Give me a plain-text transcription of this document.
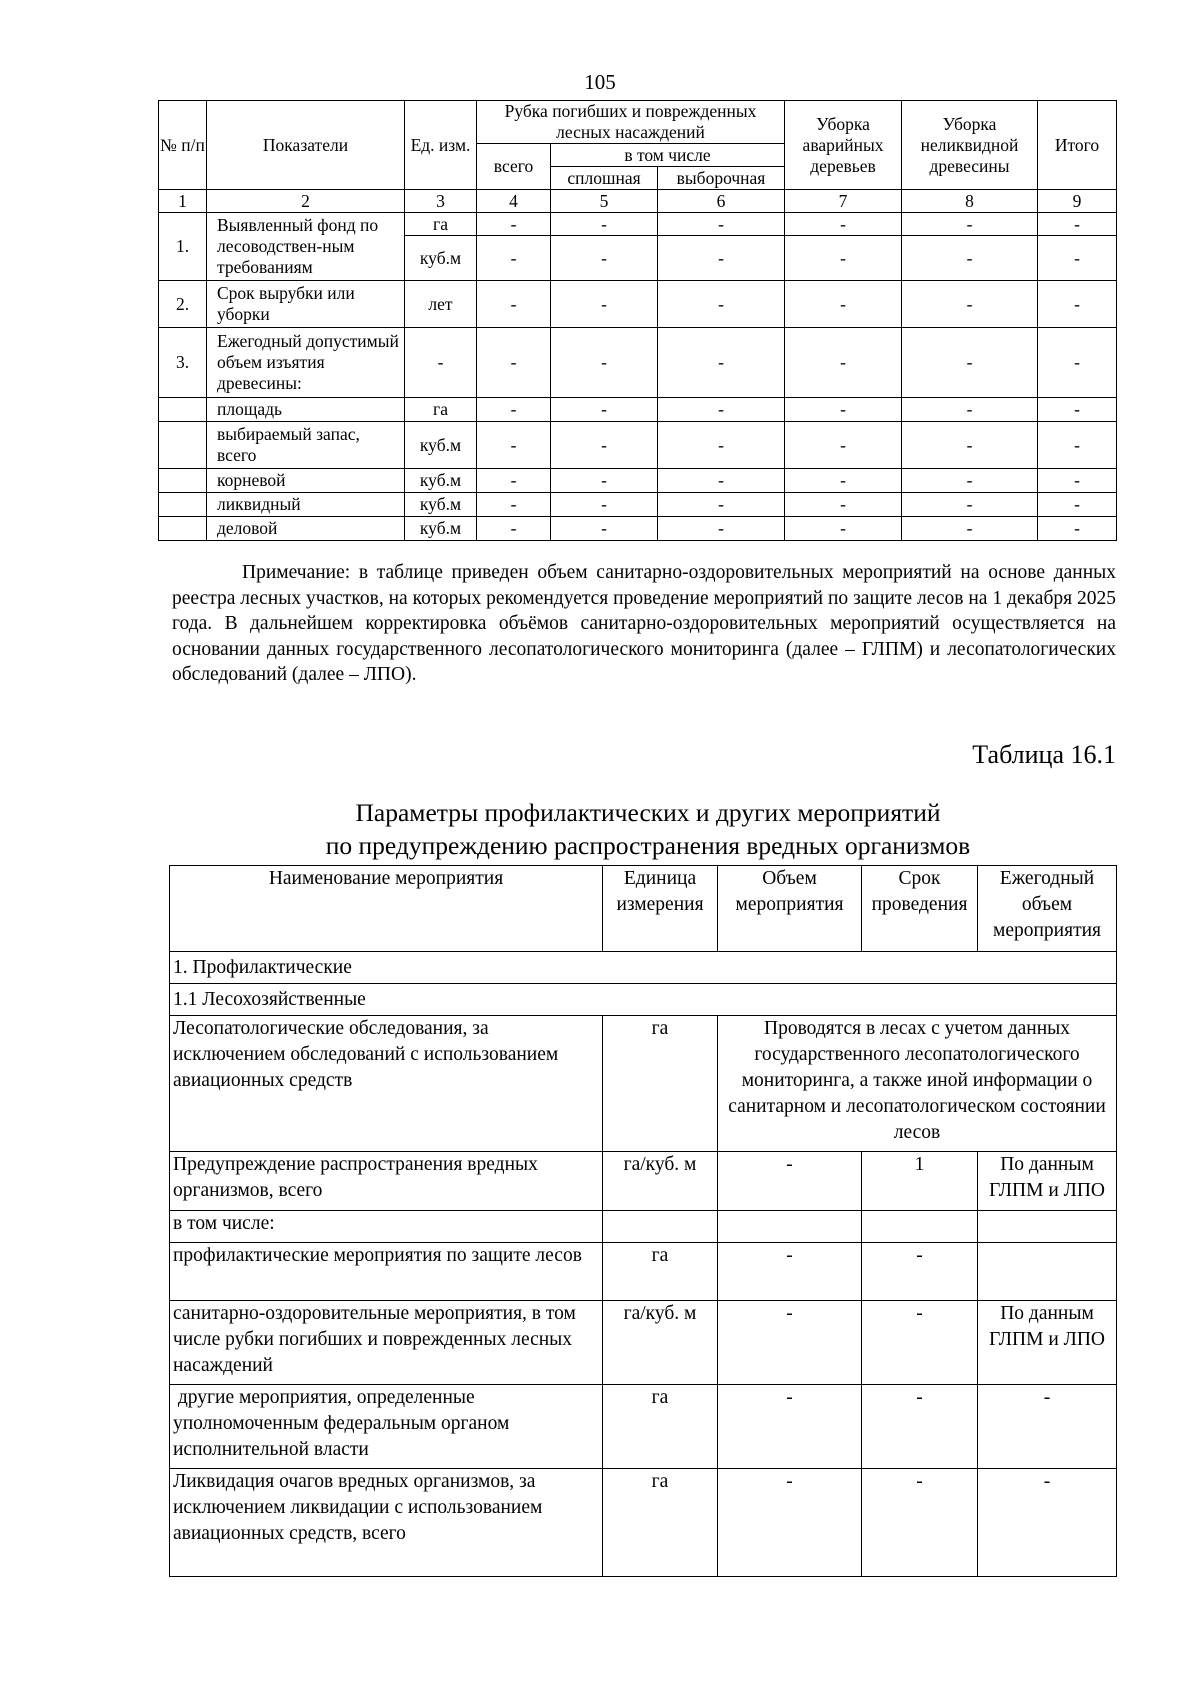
105
№ п/п	Показатели	Ед. изм.	Рубка погибших и поврежденных лесных насаждений			Уборка аварийных деревьев	Уборка неликвидной древесины	Итого
			всего	в том числе				
				сплошная	выборочная			
1	2	3	4	5	6	7	8	9
1.	Выявленный фонд по лесоводствен-ным требованиям	га	-	-	-	-	-	-
		куб.м	-	-	-	-	-	-
2.	Срок вырубки или уборки	лет	-	-	-	-	-	-
3.	Ежегодный допустимый объем изъятия древесины:	-	-	-	-	-	-	-
	площадь	га	-	-	-	-	-	-
	выбираемый запас, всего	куб.м	-	-	-	-	-	-
	корневой	куб.м	-	-	-	-	-	-
	ликвидный	куб.м	-	-	-	-	-	-
	деловой	куб.м	-	-	-	-	-	-

Примечание: в таблице приведен объем санитарно-оздоровительных мероприятий на основе данных реестра лесных участков, на которых рекомендуется проведение мероприятий по защите лесов на 1 декабря 2025 года. В дальнейшем корректировка объёмов санитарно-оздоровительных мероприятий осуществляется на основании данных государственного лесопатологического мониторинга (далее – ГЛПМ) и лесопатологических обследований (далее – ЛПО).

Таблица 16.1
Параметры профилактических и других мероприятий
по предупреждению распространения вредных организмов
Наименование мероприятия	Единица измерения	Объем мероприятия	Срок проведения	Ежегодный объем мероприятия
1. Профилактические				
1.1 Лесохозяйственные				
Лесопатологические обследования, за исключением обследований с использованием авиационных средств	га	Проводятся в лесах с учетом данных государственного лесопатологического мониторинга, а также иной информации о санитарном и лесопатологическом состоянии лесов		
Предупреждение распространения вредных организмов, всего	га/куб. м	-	1	По данным ГЛПМ и ЛПО
в том числе:				
профилактические мероприятия по защите лесов	га	-	-	
санитарно-оздоровительные мероприятия, в том числе рубки погибших и поврежденных лесных насаждений	га/куб. м	-	-	По данным ГЛПМ и ЛПО
другие мероприятия, определенные уполномоченным федеральным органом исполнительной власти	га	-	-	-
Ликвидация очагов вредных организмов, за исключением ликвидации с использованием авиационных средств, всего	га	-	-	-
